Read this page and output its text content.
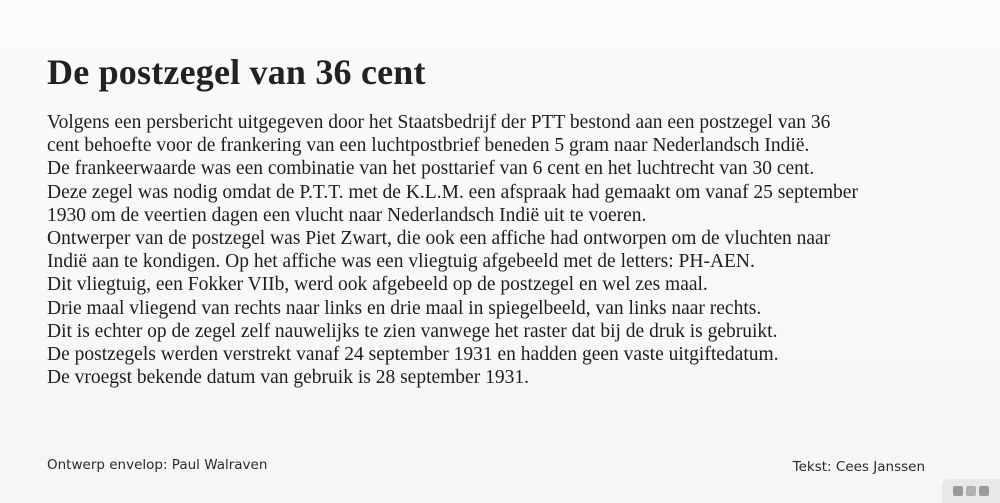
De postzegel van 36 cent
Volgens een persbericht uitgegeven door het Staatsbedrijf der PTT bestond aan een postzegel van 36
cent behoefte voor de frankering van een luchtpostbrief beneden 5 gram naar Nederlandsch Indië.
De frankeerwaarde was een combinatie van het posttarief van 6 cent en het luchtrecht van 30 cent.
Deze zegel was nodig omdat de P.T.T. met de K.L.M. een afspraak had gemaakt om vanaf 25 september
1930 om de veertien dagen een vlucht naar Nederlandsch Indië uit te voeren.
Ontwerper van de postzegel was Piet Zwart, die ook een affiche had ontworpen om de vluchten naar
Indië aan te kondigen. Op het affiche was een vliegtuig afgebeeld met de letters: PH-AEN.
Dit vliegtuig, een Fokker VIIb, werd ook afgebeeld op de postzegel en wel zes maal.
Drie maal vliegend van rechts naar links en drie maal in spiegelbeeld, van links naar rechts.
Dit is echter op de zegel zelf nauwelijks te zien vanwege het raster dat bij de druk is gebruikt.
De postzegels werden verstrekt vanaf 24 september 1931 en hadden geen vaste uitgiftedatum.
De vroegst bekende datum van gebruik is 28 september 1931.
Ontwerp envelop: Paul Walraven	Tekst: Cees Janssen
